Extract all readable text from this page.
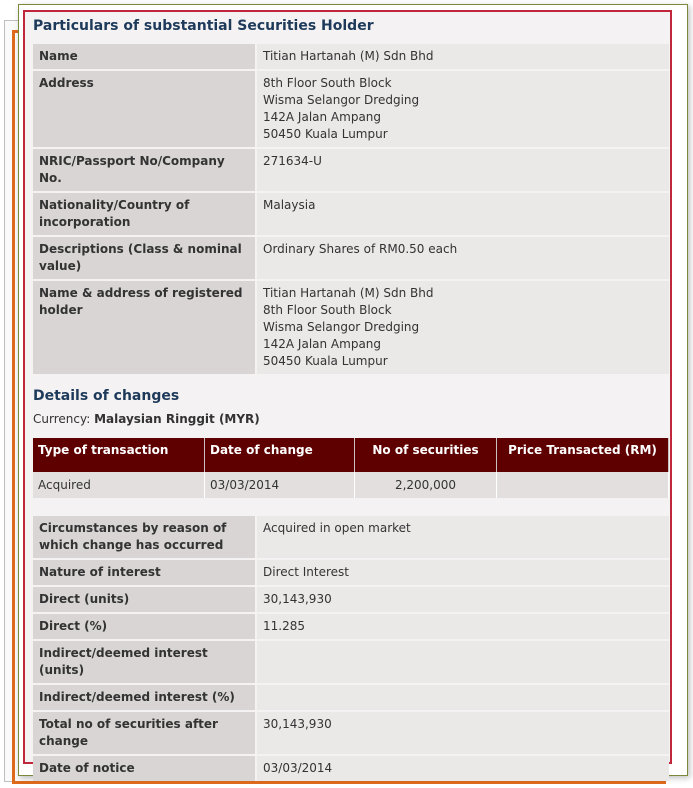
Particulars of substantial Securities Holder
Name	Titian Hartanah (M) Sdn Bhd

Address	8th Floor South Block
Wisma Selangor Dredging
142A Jalan Ampang
50450 Kuala Lumpur

NRIC/Passport No/Company No.	271634-U

Nationality/Country of incorporation	Malaysia

Descriptions (Class & nominal value)	Ordinary Shares of RM0.50 each

Name & address of registered holder	Titian Hartanah (M) Sdn Bhd
8th Floor South Block
Wisma Selangor Dredging
142A Jalan Ampang
50450 Kuala Lumpur
Details of changes
Currency: Malaysian Ringgit (MYR)
Type of transaction	Date of change	No of securities	Price Transacted (RM)
Acquired	03/03/2014	2,200,000	
Circumstances by reason of which change has occurred	Acquired in open market

Nature of interest	Direct Interest

Direct (units)	30,143,930

Direct (%)	11.285

Indirect/deemed interest (units)	

Indirect/deemed interest (%)	

Total no of securities after change	30,143,930

Date of notice	03/03/2014
